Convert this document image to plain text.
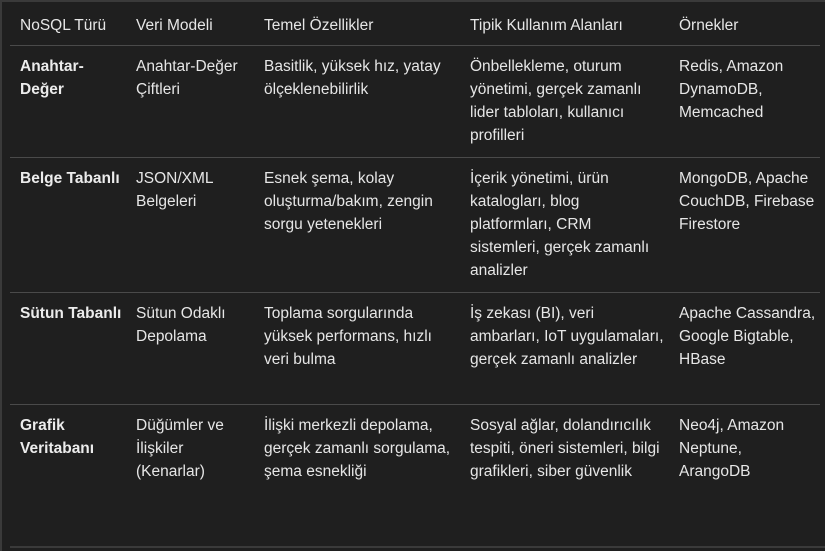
NoSQL Türü	Veri Modeli	Temel Özellikler	Tipik Kullanım Alanları	Örnekler
Anahtar-Değer	Anahtar-Değer Çiftleri	Basitlik, yüksek hız, yatay ölçeklenebilirlik	Önbellekleme, oturum yönetimi, gerçek zamanlı lider tabloları, kullanıcı profilleri	Redis, Amazon DynamoDB, Memcached
Belge Tabanlı	JSON/XML Belgeleri	Esnek şema, kolay oluşturma/bakım, zengin sorgu yetenekleri	İçerik yönetimi, ürün katalogları, blog platformları, CRM sistemleri, gerçek zamanlı analizler	MongoDB, Apache CouchDB, Firebase Firestore
Sütun Tabanlı	Sütun Odaklı Depolama	Toplama sorgularında yüksek performans, hızlı veri bulma	İş zekası (BI), veri ambarları, IoT uygulamaları, gerçek zamanlı analizler	Apache Cassandra, Google Bigtable, HBase
Grafik Veritabanı	Düğümler ve İlişkiler (Kenarlar)	İlişki merkezli depolama, gerçek zamanlı sorgulama, şema esnekliği	Sosyal ağlar, dolandırıcılık tespiti, öneri sistemleri, bilgi grafikleri, siber güvenlik	Neo4j, Amazon Neptune, ArangoDB
